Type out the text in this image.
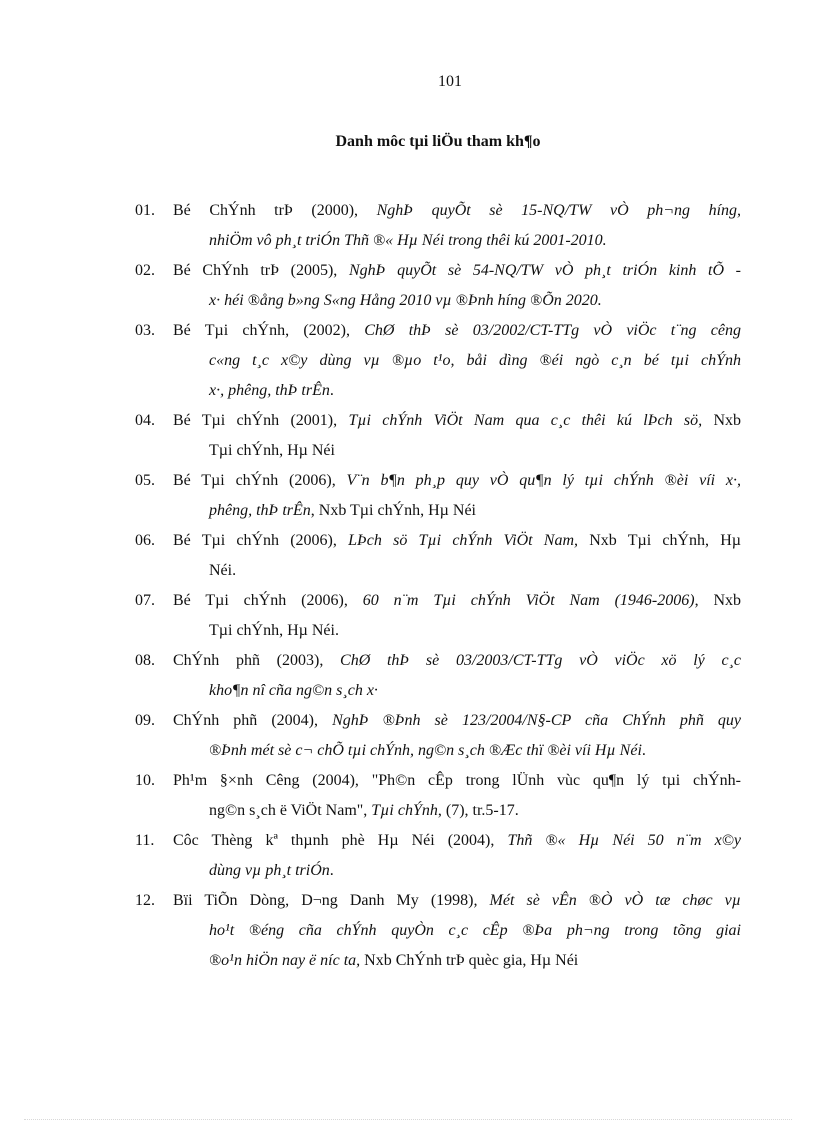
101
Danh môc tµi liÖu tham kh¶o
01.	Bé ChÝnh trÞ (2000), NghÞ quyÕt sè 15-NQ/TW vÒ ph¬ng híng,
nhiÖm vô ph¸t triÓn Thñ ®« Hµ Néi trong thêi kú 2001-2010.
02.	Bé ChÝnh trÞ (2005), NghÞ quyÕt sè 54-NQ/TW vÒ ph¸t triÓn kinh tÕ -
x· héi ®ång b»ng S«ng Hång 2010 vµ ®Þnh híng ®Õn 2020.
03.	Bé Tµi chÝnh, (2002), ChØ thÞ sè 03/2002/CT-TTg vÒ viÖc t¨ng cêng
c«ng t¸c x©y dùng vµ ®µo t¹o, båi dìng ®éi ngò c¸n bé tµi chÝnh
x·, phêng, thÞ trÊn.
04.	Bé Tµi chÝnh (2001), Tµi chÝnh ViÖt Nam qua c¸c thêi kú lÞch sö, Nxb
Tµi chÝnh, Hµ Néi
05.	Bé Tµi chÝnh (2006), V¨n b¶n ph¸p quy vÒ qu¶n lý tµi chÝnh ®èi víi x·,
phêng, thÞ trÊn, Nxb Tµi chÝnh, Hµ Néi
06.	Bé Tµi chÝnh (2006), LÞch sö Tµi chÝnh ViÖt Nam, Nxb Tµi chÝnh, Hµ
Néi.
07.	Bé Tµi chÝnh (2006), 60 n¨m Tµi chÝnh ViÖt Nam (1946-2006), Nxb
Tµi chÝnh, Hµ Néi.
08.	ChÝnh phñ (2003), ChØ thÞ sè 03/2003/CT-TTg vÒ viÖc xö lý c¸c
kho¶n nî cña ng©n s¸ch x·
09.	ChÝnh phñ (2004), NghÞ ®Þnh sè 123/2004/N§-CP cña ChÝnh phñ quy
®Þnh mét sè c¬ chÕ tµi chÝnh, ng©n s¸ch ®Æc thï ®èi víi Hµ Néi.
10.	Ph¹m §×nh Cêng (2004), "Ph©n cÊp trong lÜnh vùc qu¶n lý tµi chÝnh-
ng©n s¸ch ë ViÖt Nam", Tµi chÝnh, (7), tr.5-17.
11.	Côc Thèng kª thµnh phè Hµ Néi (2004), Thñ ®« Hµ Néi 50 n¨m x©y
dùng vµ ph¸t triÓn.
12.	Bïi TiÕn Dòng, D¬ng Danh My (1998), Mét sè vÊn ®Ò vÒ tæ chøc vµ
ho¹t ®éng cña chÝnh quyÒn c¸c cÊp ®Þa ph¬ng trong tõng giai
®o¹n hiÖn nay ë níc ta, Nxb ChÝnh trÞ quèc gia, Hµ Néi
